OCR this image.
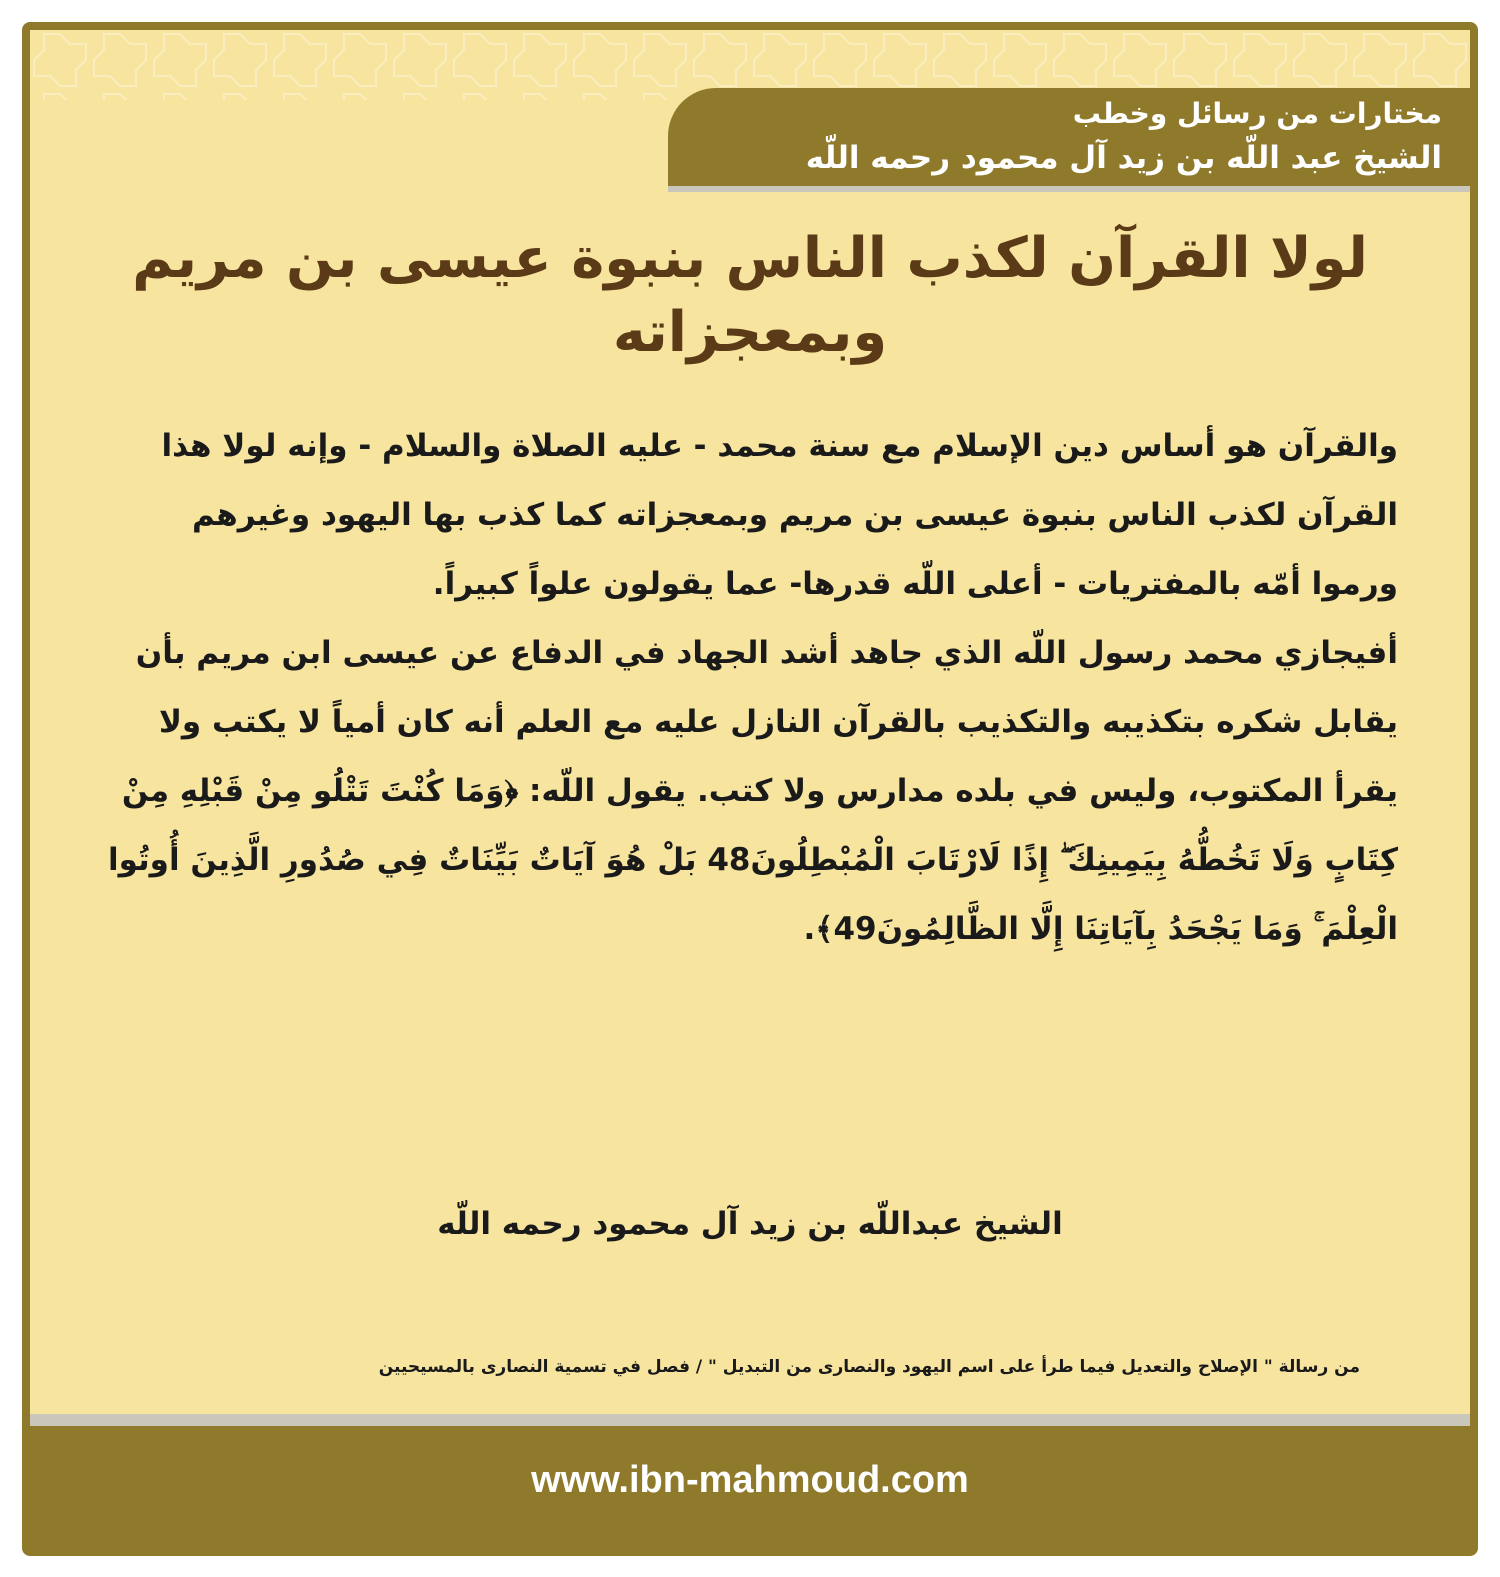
مختارات من رسائل وخطب
الشيخ عبد اللّه بن زيد آل محمود رحمه اللّه
لولا القرآن لكذب الناس بنبوة عيسى بن مريم
وبمعجزاته

والقرآن هو أساس دين الإسلام مع سنة محمد - عليه الصلاة والسلام - وإنه لولا هذا القرآن لكذب الناس بنبوة عيسى بن مريم وبمعجزاته كما كذب بها اليهود وغيرهم ورموا أمّه بالمفتريات - أعلى اللّه قدرها- عما يقولون علواً كبيراً.

أفيجازي محمد رسول اللّه الذي جاهد أشد الجهاد في الدفاع عن عيسى ابن مريم بأن يقابل شكره بتكذيبه والتكذيب بالقرآن النازل عليه مع العلم أنه كان أمياً لا يكتب ولا يقرأ المكتوب، وليس في بلده مدارس ولا كتب. يقول اللّه: ﴿وَمَا كُنْتَ تَتْلُو مِنْ قَبْلِهِ مِنْ كِتَابٍ وَلَا تَخُطُّهُ بِيَمِينِكَ ۖ إِذًا لَارْتَابَ الْمُبْطِلُونَ48 بَلْ هُوَ آيَاتٌ بَيِّنَاتٌ فِي صُدُورِ الَّذِينَ أُوتُوا الْعِلْمَ ۚ وَمَا يَجْحَدُ بِآيَاتِنَا إِلَّا الظَّالِمُونَ49﴾.

الشيخ عبداللّه بن زيد آل محمود رحمه اللّه
من رسالة " الإصلاح والتعديل فيما طرأ على اسم اليهود والنصارى من التبديل " / فصل في تسمية النصارى بالمسيحيين
www.ibn-mahmoud.com
